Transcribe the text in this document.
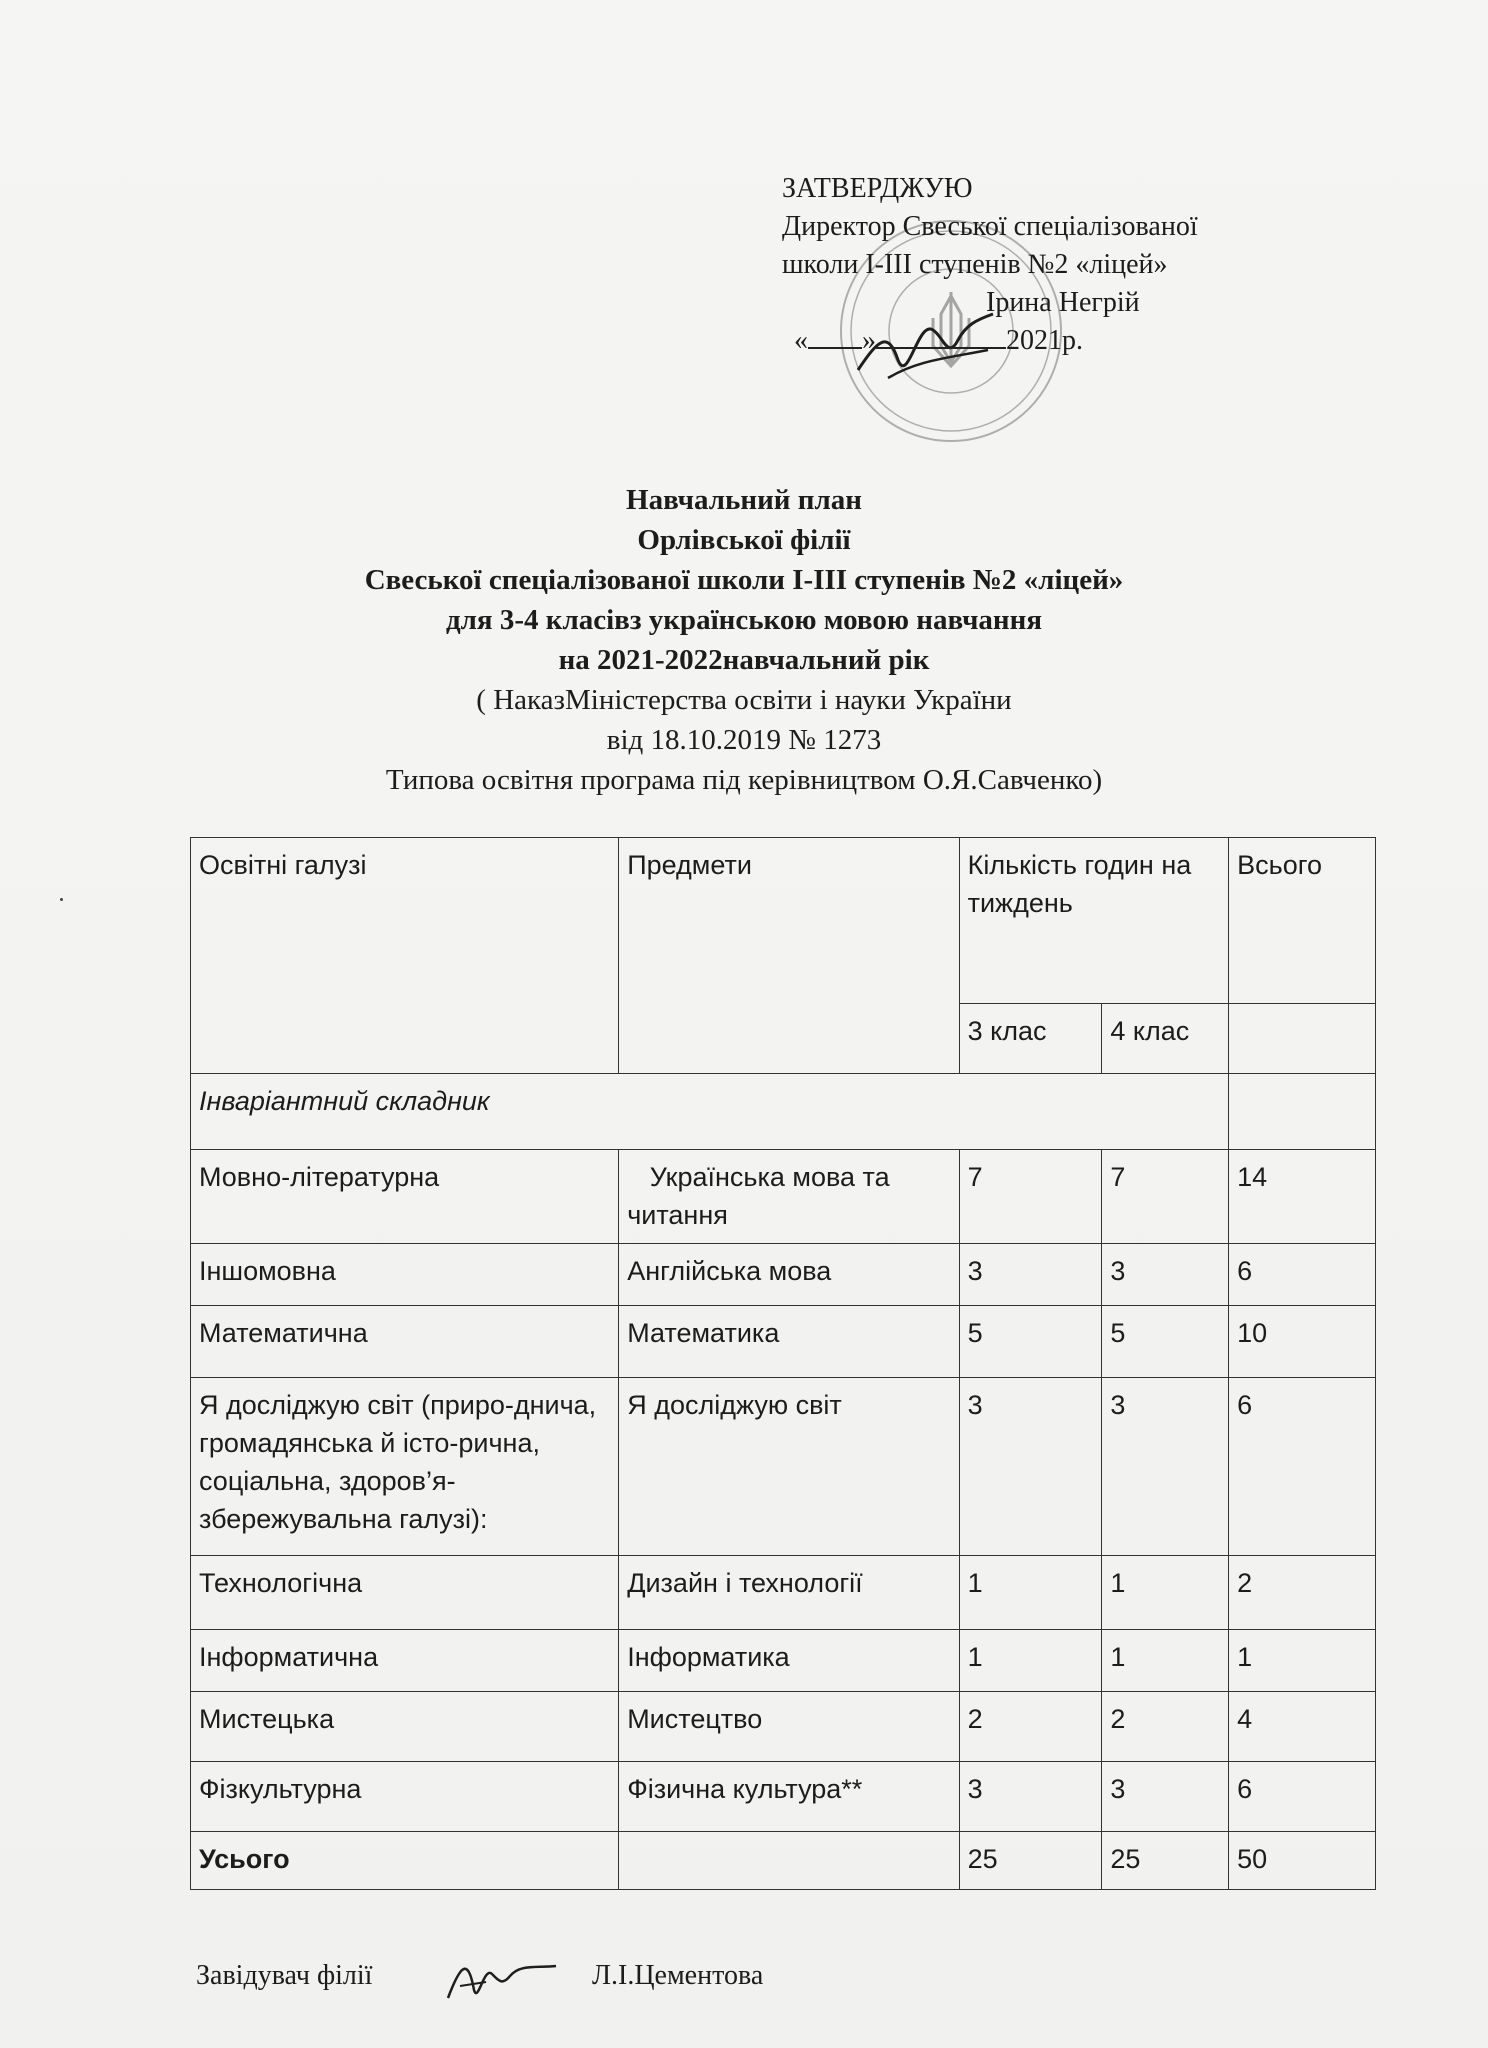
ЗАТВЕРДЖУЮ
Директор Свеської спеціалізованої
школи І-ІІІ ступенів №2 «ліцей»
Ірина Негрій
« »	2021р.
Навчальний план
Орлівської філії
Свеської спеціалізованої школи І-ІІІ ступенів №2 «ліцей»
для 3-4 класівз українською мовою навчання
на 2021-2022навчальний рік
( НаказМіністерства освіти і науки України
від 18.10.2019 № 1273
Типова освітня програма під керівництвом О.Я.Савченко)
Освітні галузі	Предмети	Кількість годин на тиждень		Всього
		3 клас	4 клас	
Інваріантний складник				
Мовно-літературна	Українська мова та читання	7	7	14
Іншомовна	Англійська мова	3	3	6
Математична	Математика	5	5	10
Я досліджую світ (приро-дничa, громадянська й істо-рична, соціальна, здоров’я-збережувальна галузі):	Я досліджую світ	3	3	6
Технологічна	Дизайн і технології	1	1	2
Інформатична	Інформатика	1	1	1
Мистецька	Мистецтво	2	2	4
Фізкультурна	Фізична культура**	3	3	6
Усього		25	25	50
Завідувач філії	Л.І.Цементова
